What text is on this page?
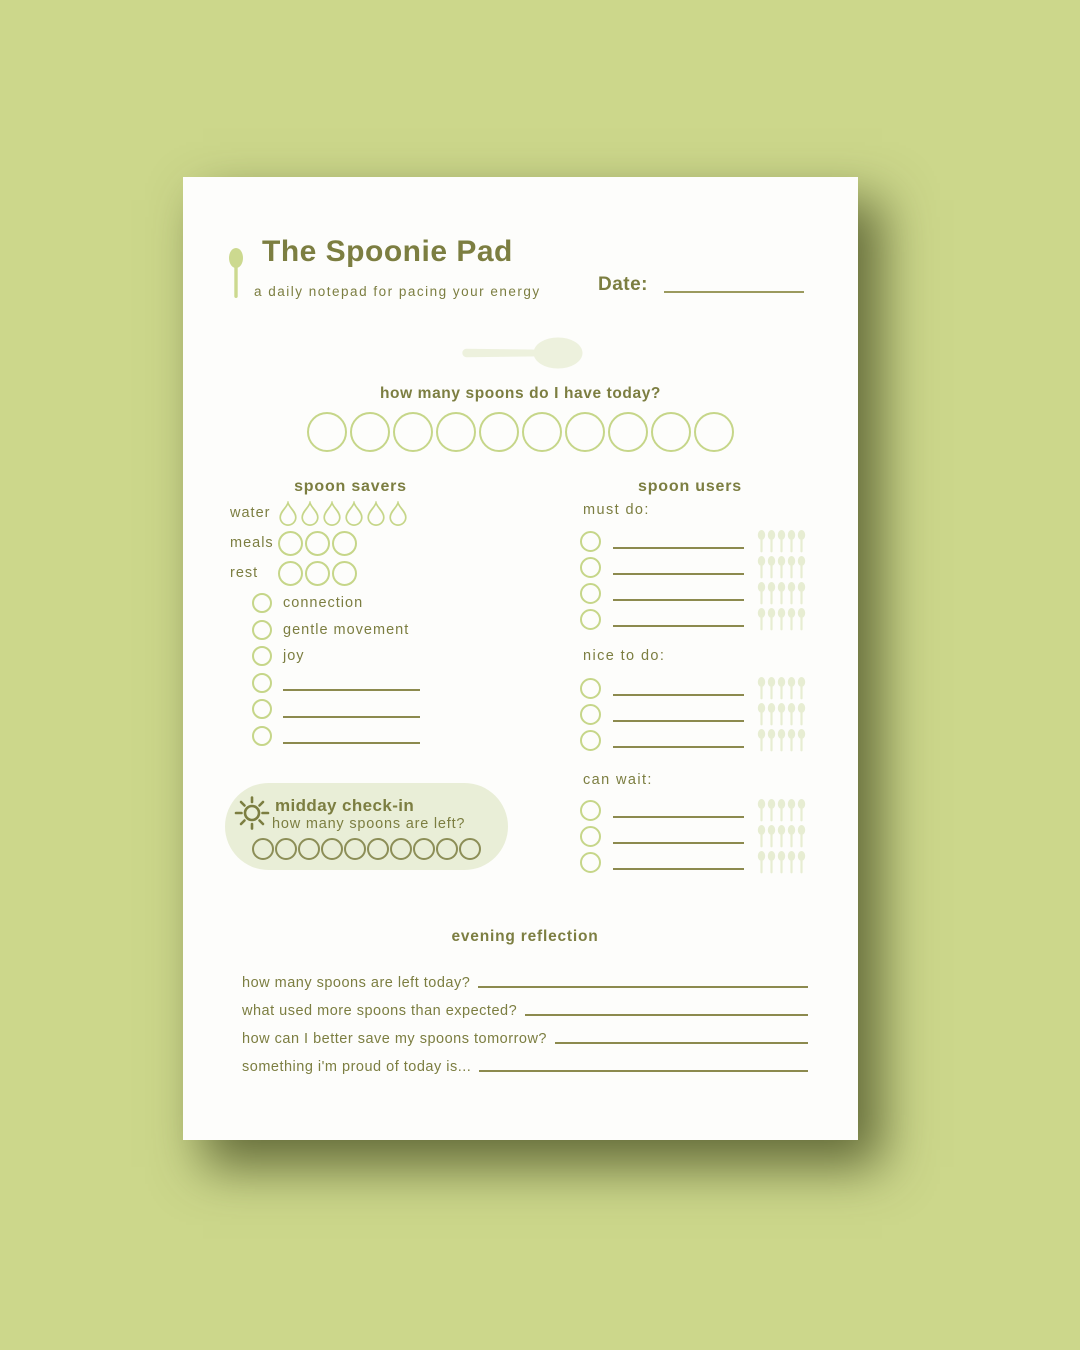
The Spoonie Pad
a daily notepad for pacing your energy	Date:
how many spoons do I have today?
spoon savers
water
meals
rest
connection
gentle movement
joy
spoon users
must do:
nice to do:
can wait:
midday check-in
how many spoons are left?
evening reflection
how many spoons are left today?
what used more spoons than expected?
how can I better save my spoons tomorrow?
something i'm proud of today is...
